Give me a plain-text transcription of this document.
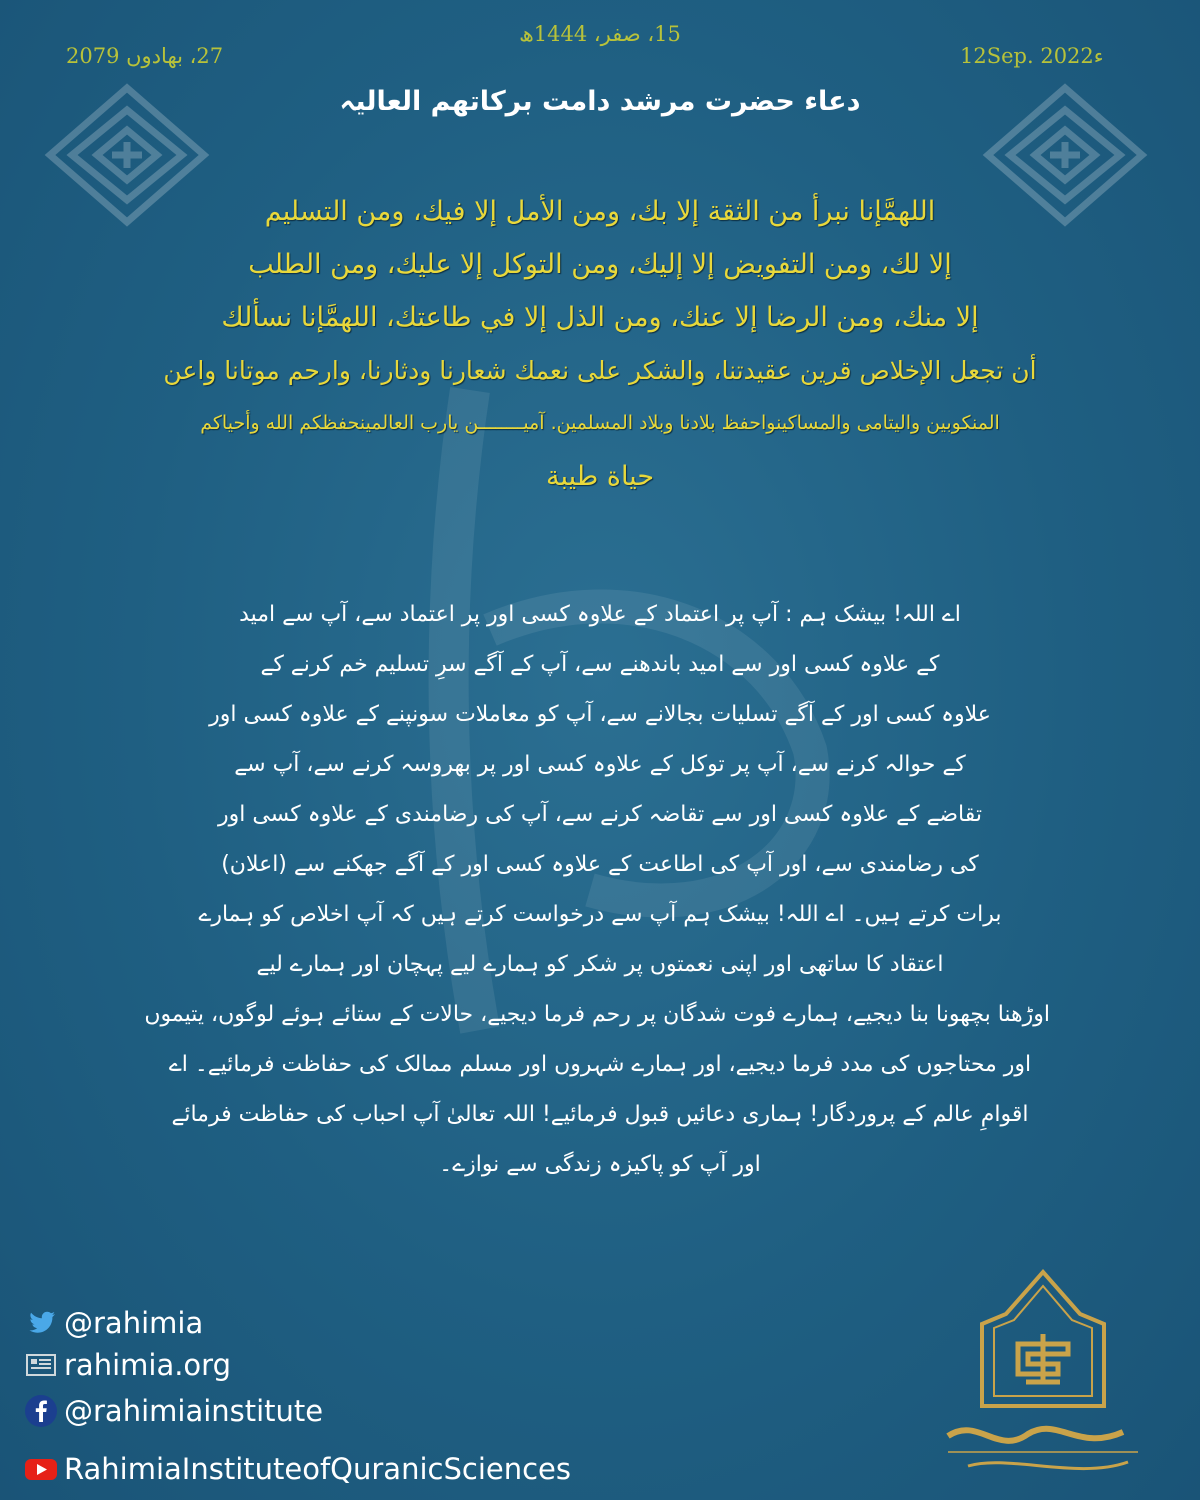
15، صفر، 1444ھ
12Sep. 2022ء
27، بھادوں 2079
دعاء حضرت مرشد دامت برکاتھم العالیہ
اللهمَّإنا نبرأ من الثقة إلا بك، ومن الأمل إلا فيك، ومن التسليم
إلا لك، ومن التفويض إلا إليك، ومن التوكل إلا عليك، ومن الطلب
إلا منك، ومن الرضا إلا عنك، ومن الذل إلا في طاعتك، اللهمَّإنا نسألك
أن تجعل الإخلاص قرين عقيدتنا، والشكر على نعمك شعارنا ودثارنا، وارحم موتانا واعن
المنكوبين واليتامى والمساكينواحفظ بلادنا وبلاد المسلمين. آميــــــــن يارب العالمينحفظكم الله وأحياكم
حياة طيبة
اے اللہ! بیشک ہم : آپ پر اعتماد کے علاوہ کسی اور پر اعتماد سے، آپ سے امید
کے علاوہ کسی اور سے امید باندھنے سے، آپ کے آگے سرِ تسلیم خم کرنے کے
علاوہ کسی اور کے آگے تسلیات بجالانے سے، آپ کو معاملات سونپنے کے علاوہ کسی اور
کے حوالہ کرنے سے، آپ پر توکل کے علاوہ کسی اور پر بھروسہ کرنے سے، آپ سے
تقاضے کے علاوہ کسی اور سے تقاضہ کرنے سے، آپ کی رضامندی کے علاوہ کسی اور
کی رضامندی سے، اور آپ کی اطاعت کے علاوہ کسی اور کے آگے جھکنے سے (اعلان)
برات کرتے ہیں۔ اے اللہ! بیشک ہم آپ سے درخواست کرتے ہیں کہ آپ اخلاص کو ہمارے
اعتقاد کا ساتھی اور اپنی نعمتوں پر شکر کو ہمارے لیے پہچان اور ہمارے لیے
اوڑھنا بچھونا بنا دیجیے، ہمارے فوت شدگان پر رحم فرما دیجیے، حالات کے ستائے ہوئے لوگوں، یتیموں
اور محتاجوں کی مدد فرما دیجیے، اور ہمارے شہروں اور مسلم ممالک کی حفاظت فرمائیے۔ اے
اقوامِ عالم کے پروردگار! ہماری دعائیں قبول فرمائیے! اللہ تعالیٰ آپ احباب کی حفاظت فرمائے
اور آپ کو پاکیزہ زندگی سے نوازے۔
@rahimia
rahimia.org
@rahimiainstitute
RahimiaInstituteofQuranicSciences
